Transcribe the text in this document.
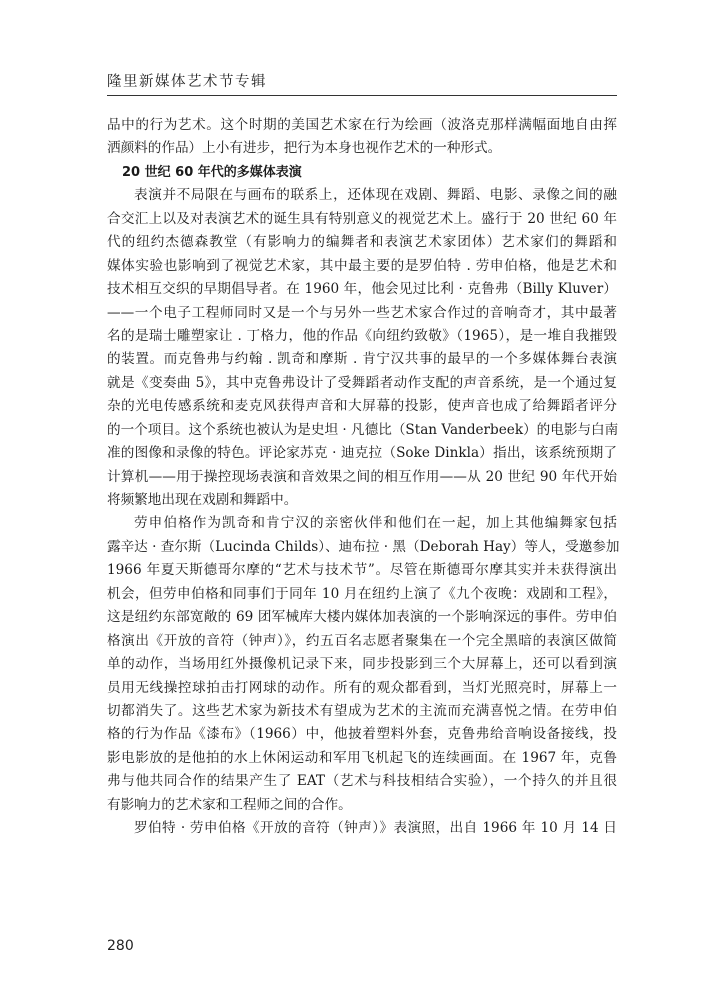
隆里新媒体艺术节专辑
品中的行为艺术。这个时期的美国艺术家在行为绘画（波洛克那样满幅面地自由挥
洒颜料的作品）上小有进步，把行为本身也视作艺术的一种形式。
20 世纪 60 年代的多媒体表演
表演并不局限在与画布的联系上，还体现在戏剧、舞蹈、电影、录像之间的融
合交汇上以及对表演艺术的诞生具有特别意义的视觉艺术上。盛行于 20 世纪 60 年
代的纽约杰德森教堂（有影响力的编舞者和表演艺术家团体）艺术家们的舞蹈和
媒体实验也影响到了视觉艺术家，其中最主要的是罗伯特 . 劳申伯格，他是艺术和
技术相互交织的早期倡导者。在 1960 年，他会见过比利 · 克鲁弗（Billy Kluver）
——一个电子工程师同时又是一个与另外一些艺术家合作过的音响奇才，其中最著
名的是瑞士雕塑家让 . 丁格力，他的作品《向纽约致敬》（1965），是一堆自我摧毁
的装置。而克鲁弗与约翰 . 凯奇和摩斯 . 肯宁汉共事的最早的一个多媒体舞台表演
就是《变奏曲 5》，其中克鲁弗设计了受舞蹈者动作支配的声音系统，是一个通过复
杂的光电传感系统和麦克风获得声音和大屏幕的投影，使声音也成了给舞蹈者评分
的一个项目。这个系统也被认为是史坦 · 凡德比（Stan Vanderbeek）的电影与白南
准的图像和录像的特色。评论家苏克 · 迪克拉（Soke Dinkla）指出，该系统预期了
计算机——用于操控现场表演和音效果之间的相互作用——从 20 世纪 90 年代开始
将频繁地出现在戏剧和舞蹈中。
劳申伯格作为凯奇和肯宁汉的亲密伙伴和他们在一起，加上其他编舞家包括
露辛达 · 查尔斯（Lucinda Childs）、迪布拉 · 黑（Deborah Hay）等人，受邀参加
1966 年夏天斯德哥尔摩的“艺术与技术节”。尽管在斯德哥尔摩其实并未获得演出
机会，但劳申伯格和同事们于同年 10 月在纽约上演了《九个夜晚：戏剧和工程》，
这是纽约东部宽敞的 69 团军械库大楼内媒体加表演的一个影响深远的事件。劳申伯
格演出《开放的音符（钟声）》，约五百名志愿者聚集在一个完全黑暗的表演区做简
单的动作，当场用红外摄像机记录下来，同步投影到三个大屏幕上，还可以看到演
员用无线操控球拍击打网球的动作。所有的观众都看到，当灯光照亮时，屏幕上一
切都消失了。这些艺术家为新技术有望成为艺术的主流而充满喜悦之情。在劳申伯
格的行为作品《漆布》（1966）中，他披着塑料外套，克鲁弗给音响设备接线，投
影电影放的是他拍的水上休闲运动和军用飞机起飞的连续画面。在 1967 年，克鲁
弗与他共同合作的结果产生了 EAT（艺术与科技相结合实验），一个持久的并且很
有影响力的艺术家和工程师之间的合作。
罗伯特 · 劳申伯格《开放的音符（钟声）》表演照，出自 1966 年 10 月 14 日
280
